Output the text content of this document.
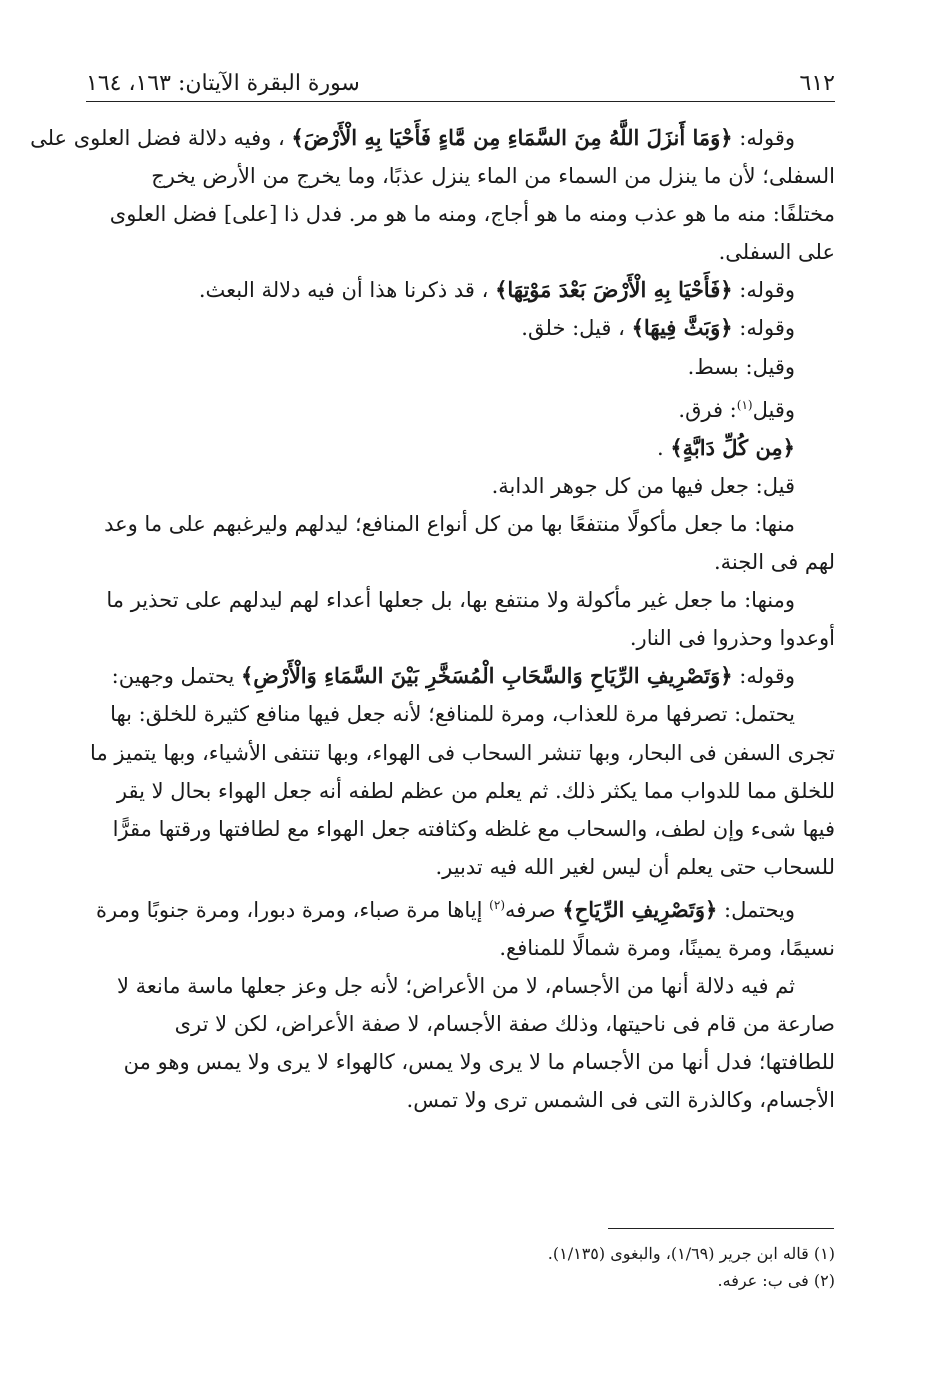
٦١٢
سورة البقرة الآيتان: ١٦٣، ١٦٤
وقوله: ﴿وَمَا أَنزَلَ اللَّهُ مِنَ السَّمَاءِ مِن مَّاءٍ فَأَحْيَا بِهِ الْأَرْضَ﴾ ، وفيه دلالة فضل العلوى على
السفلى؛ لأن ما ينزل من السماء من الماء ينزل عذبًا، وما يخرج من الأرض يخرج
مختلفًا: منه ما هو عذب ومنه ما هو أجاج، ومنه ما هو مر. فدل ذا [على] فضل العلوى
على السفلى.
وقوله: ﴿فَأَحْيَا بِهِ الْأَرْضَ بَعْدَ مَوْتِهَا﴾ ، قد ذكرنا هذا أن فيه دلالة البعث.
وقوله: ﴿وَبَثَّ فِيهَا﴾ ، قيل: خلق.
وقيل: بسط.
وقيل$^{(١)}$: فرق.
﴿مِن كُلِّ دَابَّةٍ﴾ .
قيل: جعل فيها من كل جوهر الدابة.
منها: ما جعل مأكولًا منتفعًا بها من كل أنواع المنافع؛ ليدلهم وليرغبهم على ما وعد
لهم فى الجنة.
ومنها: ما جعل غير مأكولة ولا منتفع بها، بل جعلها أعداء لهم ليدلهم على تحذير ما
أوعدوا وحذروا فى النار.
وقوله: ﴿وَتَصْرِيفِ الرِّيَاحِ وَالسَّحَابِ الْمُسَخَّرِ بَيْنَ السَّمَاءِ وَالْأَرْضِ﴾ يحتمل وجهين:
يحتمل: تصرفها مرة للعذاب، ومرة للمنافع؛ لأنه جعل فيها منافع كثيرة للخلق: بها
تجرى السفن فى البحار، وبها تنشر السحاب فى الهواء، وبها تنتفى الأشياء، وبها يتميز ما
للخلق مما للدواب مما يكثر ذلك. ثم يعلم من عظم لطفه أنه جعل الهواء بحال لا يقر
فيها شىء وإن لطف، والسحاب مع غلظه وكثافته جعل الهواء مع لطافتها ورقتها مقرًّا
للسحاب حتى يعلم أن ليس لغير الله فيه تدبير.
ويحتمل: ﴿وَتَصْرِيفِ الرِّيَاحِ﴾ صرفه$^{(٢)}$ إياها مرة صباء، ومرة دبورا، ومرة جنوبًا ومرة
نسيمًا، ومرة يمينًا، ومرة شمالًا للمنافع.
ثم فيه دلالة أنها من الأجسام، لا من الأعراض؛ لأنه جل وعز جعلها ماسة مانعة لا
صارعة من قام فى ناحيتها، وذلك صفة الأجسام، لا صفة الأعراض، لكن لا ترى
للطافتها؛ فدل أنها من الأجسام ما لا يرى ولا يمس، كالهواء لا يرى ولا يمس وهو من
الأجسام، وكالذرة التى فى الشمس ترى ولا تمس.
(١) قاله ابن جرير (١/٦٩)، والبغوى (١/١٣٥).
(٢) فى ب: عرفه.
